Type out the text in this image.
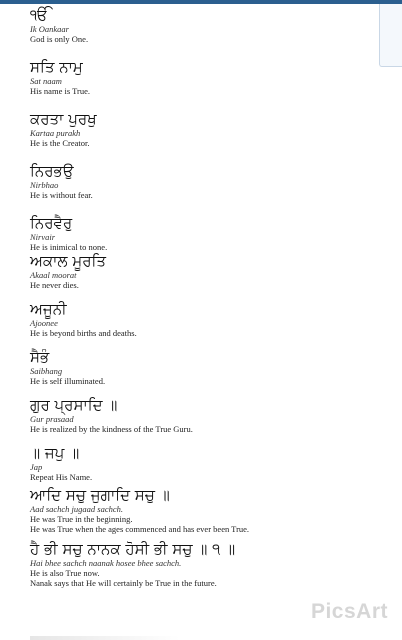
ੴ
Ik Oankaar
God is only One.
ਸਤਿ ਨਾਮੁ
Sat naam
His name is True.
ਕਰਤਾ ਪੁਰਖੁ
Kartaa purakh
He is the Creator.
ਨਿਰਭਉ
Nirbhao
He is without fear.
ਨਿਰਵੈਰੁ
Nirvair
He is inimical to none.
ਅਕਾਲ ਮੂਰਤਿ
Akaal moorat
He never dies.
ਅਜੂਨੀ
Ajoonee
He is beyond births and deaths.
ਸੈਭੰ
Saibhang
He is self illuminated.
ਗੁਰ ਪ੍ਰਸਾਦਿ ॥
Gur prasaad
He is realized by the kindness of the True Guru.
॥ ਜਪੁ ॥
Jap
Repeat His Name.
ਆਦਿ ਸਚੁ ਜੁਗਾਦਿ ਸਚੁ ॥
Aad sachch jugaad sachch.
He was True in the beginning.
He was True when the ages commenced and has ever been True.
ਹੈ ਭੀ ਸਚੁ ਨਾਨਕ ਹੋਸੀ ਭੀ ਸਚੁ ॥ ੧ ॥
Hai bhee sachch naanak hosee bhee sachch.
He is also True now.
Nanak says that He will certainly be True in the future.
PicsArt
